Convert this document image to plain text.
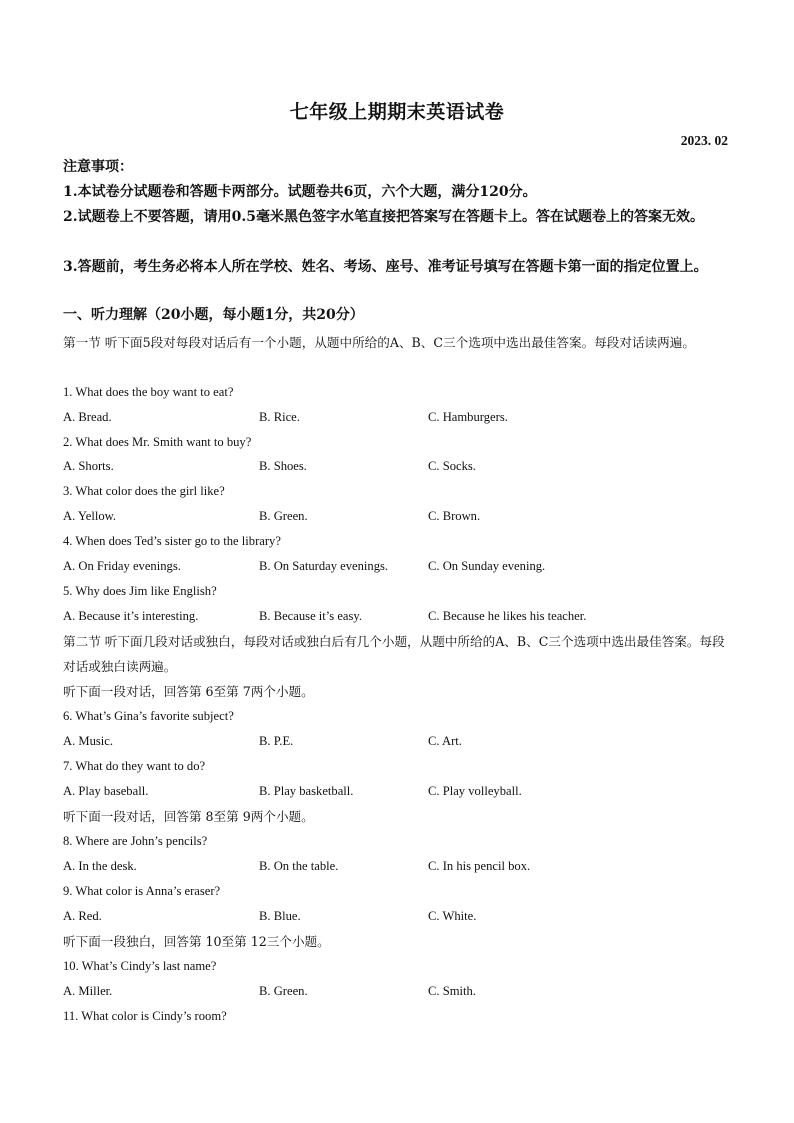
七年级上期期末英语试卷
2023. 02
注意事项：
1.本试卷分试题卷和答题卡两部分。试题卷共6页，六个大题，满分120分。
2.试题卷上不要答题，请用0.5毫米黑色签字水笔直接把答案写在答题卡上。答在试题卷上的答案无效。
3.答题前，考生务必将本人所在学校、姓名、考场、座号、准考证号填写在答题卡第一面的指定位置上。
一、听力理解（20小题，每小题1分，共20分）
第一节 听下面5段对每段对话后有一个小题，从题中所给的A、B、C三个选项中选出最佳答案。每段对话读两遍。
1. What does the boy want to eat?
A. Bread.	B. Rice.	C. Hamburgers.
2. What does Mr. Smith want to buy?
A. Shorts.	B. Shoes.	C. Socks.
3. What color does the girl like?
A. Yellow.	B. Green.	C. Brown.
4. When does Ted’s sister go to the library?
A. On Friday evenings.	B. On Saturday evenings.	C. On Sunday evening.
5. Why does Jim like English?
A. Because it’s interesting.	B. Because it’s easy.	C. Because he likes his teacher.
第二节 听下面几段对话或独白，每段对话或独白后有几个小题，从题中所给的A、B、C三个选项中选出最佳答案。每段对话或独白读两遍。
听下面一段对话，回答第 6至第 7两个小题。
6. What’s Gina’s favorite subject?
A. Music.	B. P.E.	C. Art.
7. What do they want to do?
A. Play baseball.	B. Play basketball.	C. Play volleyball.
听下面一段对话，回答第 8至第 9两个小题。
8. Where are John’s pencils?
A. In the desk.	B. On the table.	C. In his pencil box.
9. What color is Anna’s eraser?
A. Red.	B. Blue.	C. White.
听下面一段独白，回答第 10至第 12三个小题。
10. What’s Cindy’s last name?
A. Miller.	B. Green.	C. Smith.
11. What color is Cindy’s room?
